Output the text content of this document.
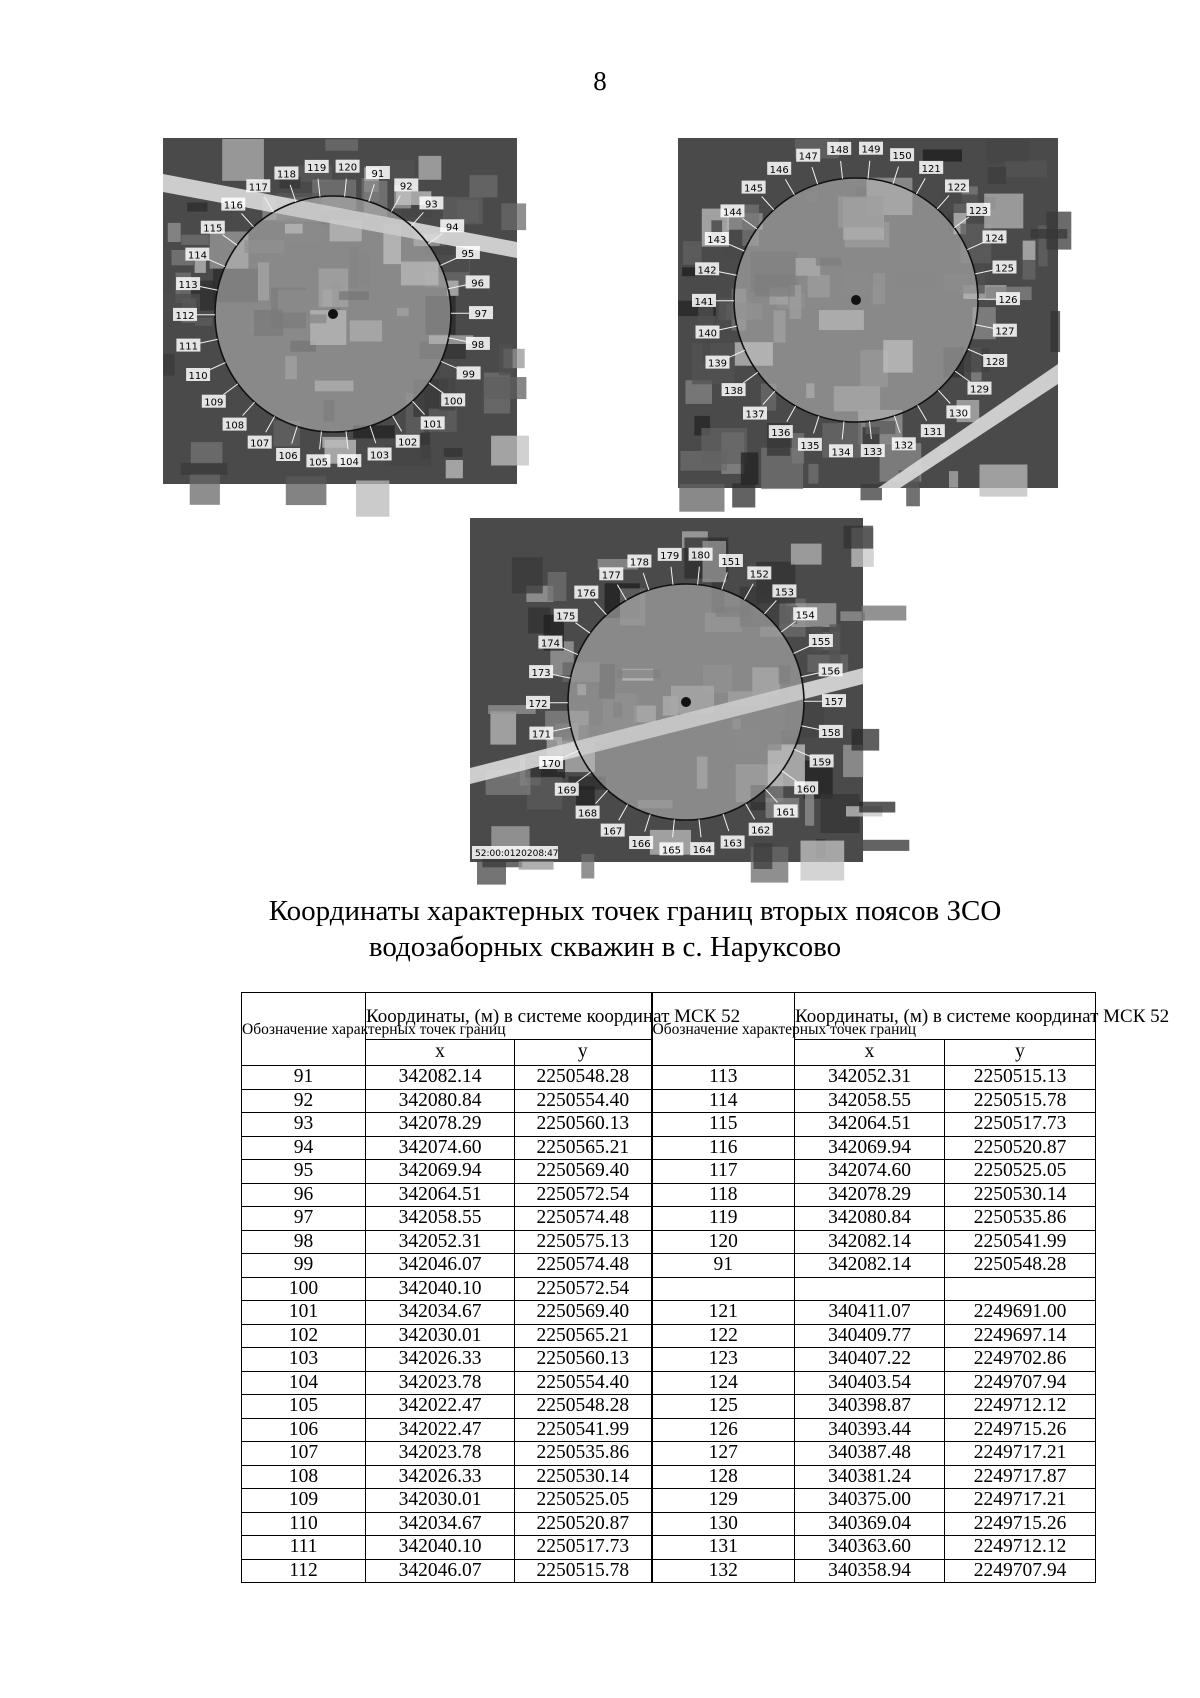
8
118
119 120
91
92
93
94
95
96
97
98
99
100
101
102
103
104
105
106
107
108
109
110
111
112
113
114
115
116
117
147
148 149
150
121
122
123
124
125
126
127
128
129
130
131
132
133
134
135
136
137
138
139
140
141
142
143
144
145
146
178
179 180
151
152
153
154
155
156
157
158
159
160
161
162
163
164
165
166
167
168
169
170
171
172
173
174
175
176
177
52:00:0120208:47
Координаты характерных точек границ вторых поясов ЗСО
водозаборных скважин в с. Наруксово
Обозначение характерных точек границ	Координаты, (м) в системе координат МСК 52		Обозначение характерных точек границ	Координаты, (м) в системе координат МСК 52	
	x	y		x	y
91	342082.14	2250548.28	113	342052.31	2250515.13
92	342080.84	2250554.40	114	342058.55	2250515.78
93	342078.29	2250560.13	115	342064.51	2250517.73
94	342074.60	2250565.21	116	342069.94	2250520.87
95	342069.94	2250569.40	117	342074.60	2250525.05
96	342064.51	2250572.54	118	342078.29	2250530.14
97	342058.55	2250574.48	119	342080.84	2250535.86
98	342052.31	2250575.13	120	342082.14	2250541.99
99	342046.07	2250574.48	91	342082.14	2250548.28
100	342040.10	2250572.54			
101	342034.67	2250569.40	121	340411.07	2249691.00
102	342030.01	2250565.21	122	340409.77	2249697.14
103	342026.33	2250560.13	123	340407.22	2249702.86
104	342023.78	2250554.40	124	340403.54	2249707.94
105	342022.47	2250548.28	125	340398.87	2249712.12
106	342022.47	2250541.99	126	340393.44	2249715.26
107	342023.78	2250535.86	127	340387.48	2249717.21
108	342026.33	2250530.14	128	340381.24	2249717.87
109	342030.01	2250525.05	129	340375.00	2249717.21
110	342034.67	2250520.87	130	340369.04	2249715.26
111	342040.10	2250517.73	131	340363.60	2249712.12
112	342046.07	2250515.78	132	340358.94	2249707.94
